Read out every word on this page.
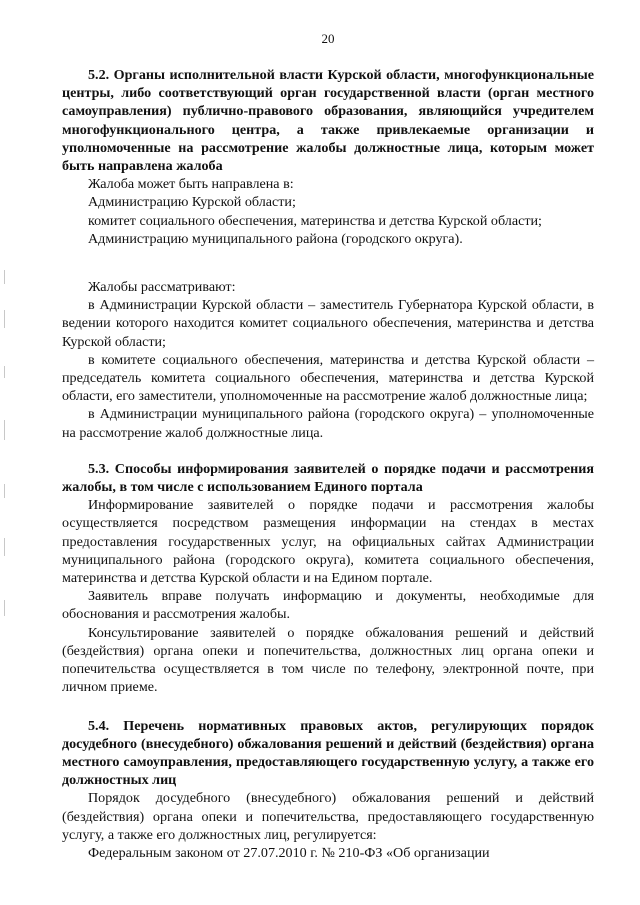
20

5.2. Органы исполнительной власти Курской области, многофункциональные центры, либо соответствующий орган государственной власти (орган местного самоуправления) публично-правового образования, являющийся учредителем многофункционального центра, а также привлекаемые организации и уполномоченные на рассмотрение жалобы должностные лица, которым может быть направлена жалоба

Жалоба может быть направлена в:

Администрацию Курской области;

комитет социального обеспечения, материнства и детства Курской области;

Администрацию муниципального района (городского округа).

Жалобы рассматривают:

в Администрации Курской области – заместитель Губернатора Курской области, в ведении которого находится комитет социального обеспечения, материнства и детства Курской области;

в комитете социального обеспечения, материнства и детства Курской области – председатель комитета социального обеспечения, материнства и детства Курской области, его заместители, уполномоченные на рассмотрение жалоб должностные лица;

в Администрации муниципального района (городского округа) – уполномоченные на рассмотрение жалоб должностные лица.

5.3. Способы информирования заявителей о порядке подачи и рассмотрения жалобы, в том числе с использованием Единого портала

Информирование заявителей о порядке подачи и рассмотрения жалобы осуществляется посредством размещения информации на стендах в местах предоставления государственных услуг, на официальных сайтах Администрации муниципального района (городского округа), комитета социального обеспечения, материнства и детства Курской области и на Едином портале.

Заявитель вправе получать информацию и документы, необходимые для обоснования и рассмотрения жалобы.

Консультирование заявителей о порядке обжалования решений и действий (бездействия) органа опеки и попечительства, должностных лиц органа опеки и попечительства осуществляется в том числе по телефону, электронной почте, при личном приеме.

5.4. Перечень нормативных правовых актов, регулирующих порядок досудебного (внесудебного) обжалования решений и действий (бездействия) органа местного самоуправления, предоставляющего государственную услугу, а также его должностных лиц

Порядок досудебного (внесудебного) обжалования решений и действий (бездействия) органа опеки и попечительства, предоставляющего государственную услугу, а также его должностных лиц, регулируется:

Федеральным законом от 27.07.2010 г. № 210-ФЗ «Об организации
